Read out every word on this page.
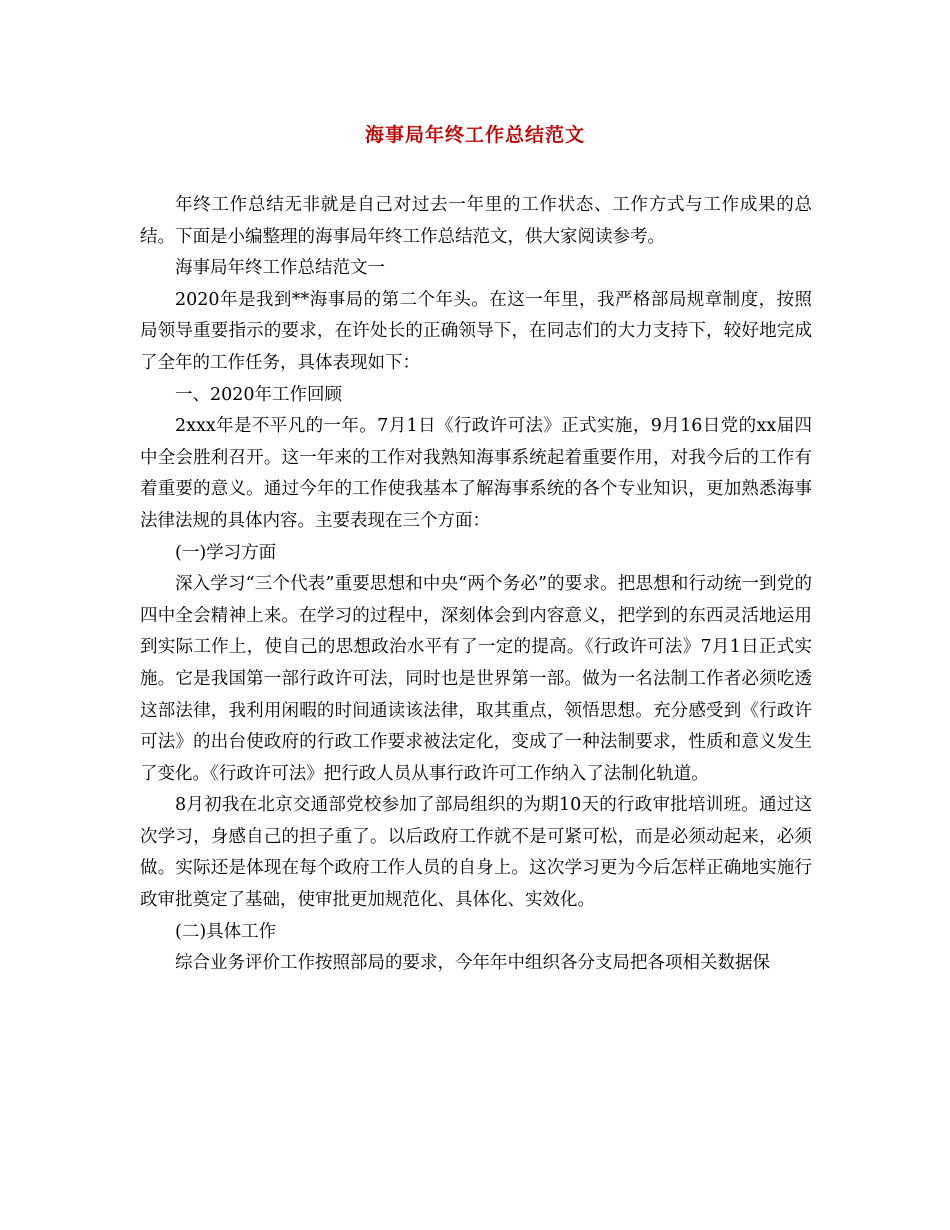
海事局年终工作总结范文

年终工作总结无非就是自己对过去一年里的工作状态、工作方式与工作成果的总结。下面是小编整理的海事局年终工作总结范文，供大家阅读参考。

海事局年终工作总结范文一

2020年是我到**海事局的第二个年头。在这一年里，我严格部局规章制度，按照局领导重要指示的要求，在许处长的正确领导下，在同志们的大力支持下，较好地完成了全年的工作任务，具体表现如下：

一、2020年工作回顾

2xxx年是不平凡的一年。7月1日《行政许可法》正式实施，9月16日党的xx届四中全会胜利召开。这一年来的工作对我熟知海事系统起着重要作用，对我今后的工作有着重要的意义。通过今年的工作使我基本了解海事系统的各个专业知识，更加熟悉海事法律法规的具体内容。主要表现在三个方面：

(一)学习方面

深入学习“三个代表”重要思想和中央“两个务必”的要求。把思想和行动统一到党的四中全会精神上来。在学习的过程中，深刻体会到内容意义，把学到的东西灵活地运用到实际工作上，使自己的思想政治水平有了一定的提高。《行政许可法》7月1日正式实施。它是我国第一部行政许可法，同时也是世界第一部。做为一名法制工作者必须吃透这部法律，我利用闲暇的时间通读该法律，取其重点，领悟思想。充分感受到《行政许可法》的出台使政府的行政工作要求被法定化，变成了一种法制要求，性质和意义发生了变化。《行政许可法》把行政人员从事行政许可工作纳入了法制化轨道。

8月初我在北京交通部党校参加了部局组织的为期10天的行政审批培训班。通过这次学习，身感自己的担子重了。以后政府工作就不是可紧可松，而是必须动起来，必须做。实际还是体现在每个政府工作人员的自身上。这次学习更为今后怎样正确地实施行政审批奠定了基础，使审批更加规范化、具体化、实效化。

(二)具体工作

综合业务评价工作按照部局的要求，今年年中组织各分支局把各项相关数据保
